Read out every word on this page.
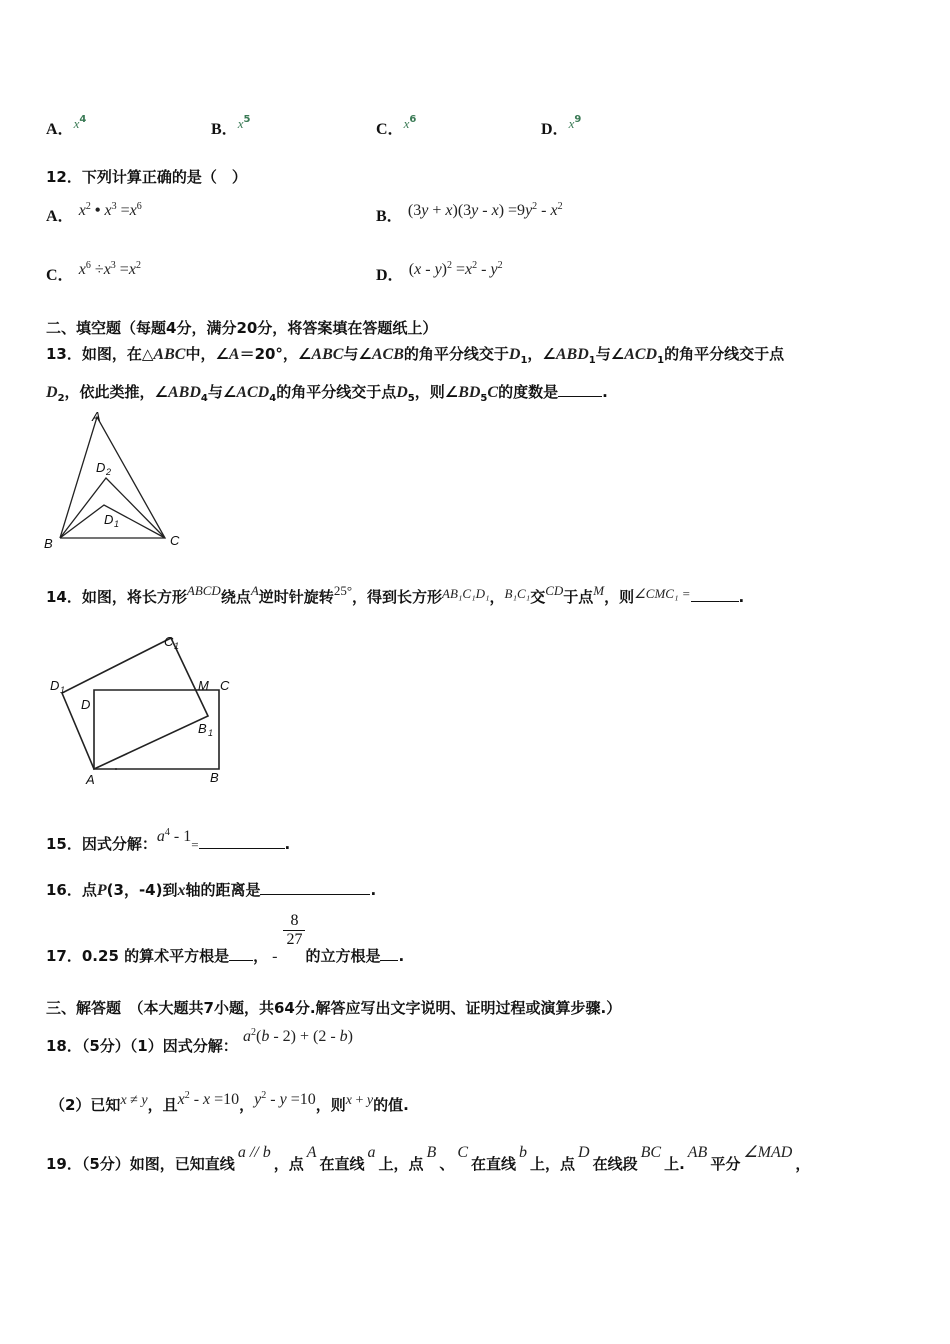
A．$x^4$
B．$x^5$
C．$x^6$
D．$x^9$
12．下列计算正确的是（　）
A． $x^2$ • $x^3 =x^6$
B． $(3y + x)(3y - x) =9y^2 - x^2$
C． $x^6 \div x^3 =x^2$
D． $(x - y)^2 =x^2 - y^2$
二、填空题（每题4分，满分20分，将答案填在答题纸上）
13．如图，在△ABC中，∠A＝20°，∠ABC与∠ACB的角平分线交于$D_1$，$\angle ABD_1$与$\angle ACD_1$的角平分线交于点
$D_2$，依此类推，$\angle ABD_4$与$\angle ACD_4$的角平分线交于点$D_5$，则$\angle BD_5C$的度数是	.
A
D 2
D 1
B	C
14．如图，将长方形ABCD绕点A逆时针旋转25°，得到长方形AB₁C₁D₁，B₁C₁交CD于点M，则∠CMC₁ =	.
C 1
D 1
D
M C
B 1
A	B
15．因式分解：$a^4 - 1=$	.
16．点P(3，-4)到x轴的距离是	.
17．0.25 的算术平方根是 ， -
$\frac{8}{27}$
的立方根是 .
三、解答题　（本大题共7小题，共64分.解答应写出文字说明、证明过程或演算步骤.）
18．（5分）（1）因式分解： $a^2(b - 2) + (2 - b)$
（2）已知x ≠ y，且$x^2 - x =10$，$y^2 - y =10$，则x + y的值.
19．（5分）如图，已知直线a // b，点A在直线a上，点B、C在直线b上，点D在线段BC上.AB平分∠MAD，
